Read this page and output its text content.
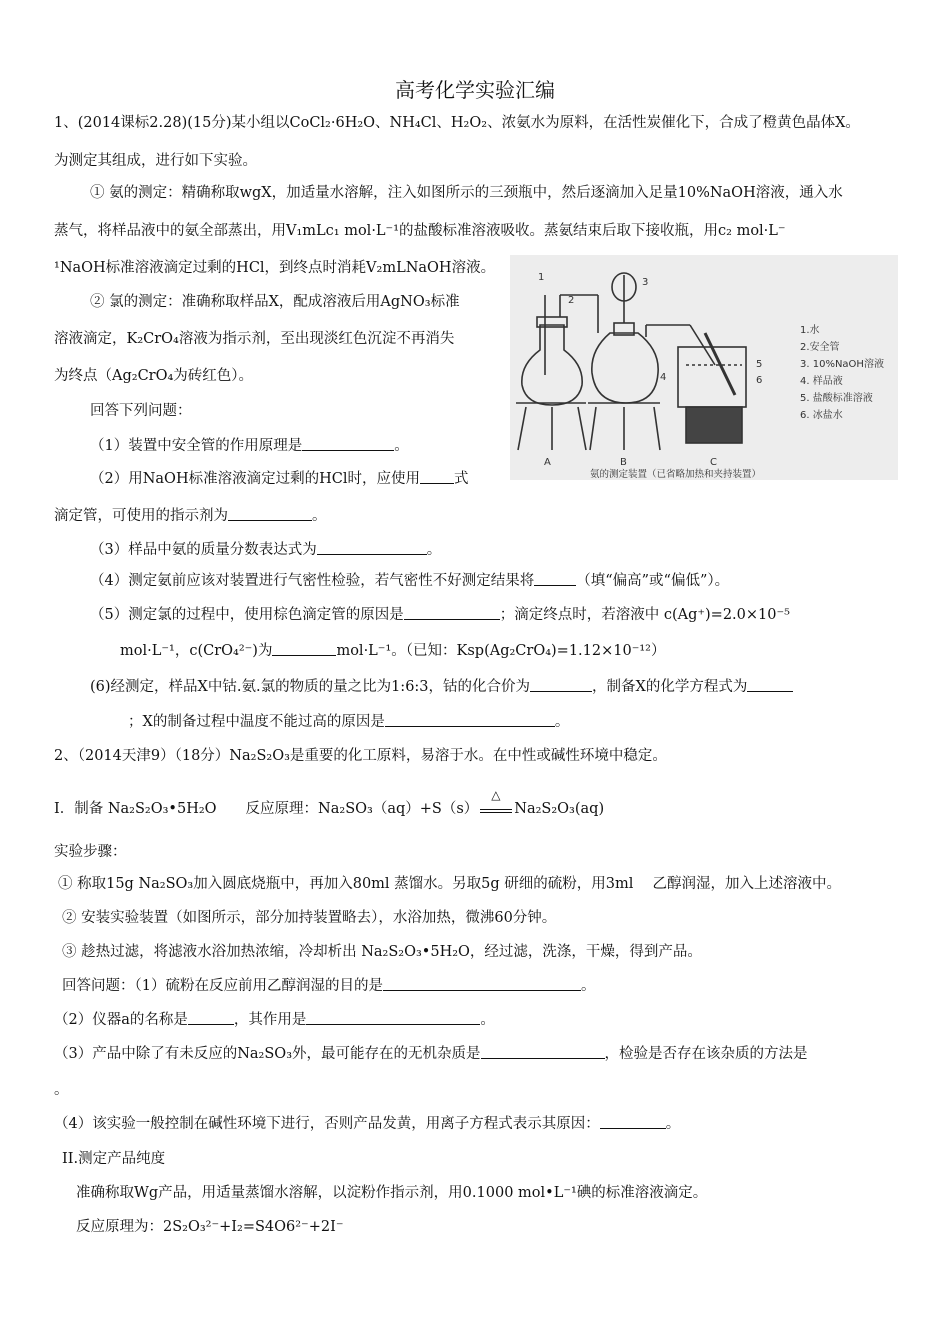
高考化学实验汇编
1、(2014课标2.28)(15分)某小组以CoCl₂·6H₂O、NH₄Cl、H₂O₂、浓氨水为原料，在活性炭催化下，合成了橙黄色晶体X。
为测定其组成，进行如下实验。
① 氨的测定：精确称取wgX，加适量水溶解，注入如图所示的三颈瓶中，然后逐滴加入足量10%NaOH溶液，通入水
蒸气，将样品液中的氨全部蒸出，用V₁mLc₁ mol·L⁻¹的盐酸标准溶液吸收。蒸氨结束后取下接收瓶，用c₂ mol·L⁻
¹NaOH标准溶液滴定过剩的HCl，到终点时消耗V₂mLNaOH溶液。
② 氯的测定：准确称取样品X，配成溶液后用AgNO₃标准
溶液滴定，K₂CrO₄溶液为指示剂，至出现淡红色沉淀不再消失
为终点（Ag₂CrO₄为砖红色）。
回答下列问题：
（1）装置中安全管的作用原理是	。
（2）用NaOH标准溶液滴定过剩的HCl时，应使用 式
滴定管，可使用的指示剂为	。
（3）样品中氨的质量分数表达式为	。
（4）测定氨前应该对装置进行气密性检验，若气密性不好测定结果将	（填“偏高”或“偏低”）。
（5）测定氯的过程中，使用棕色滴定管的原因是	；滴定终点时，若溶液中 c(Ag⁺)=2.0×10⁻⁵
mol·L⁻¹，c(CrO₄²⁻)为	mol·L⁻¹。（已知：Ksp(Ag₂CrO₄)=1.12×10⁻¹²）
(6)经测定，样品X中钴.氨.氯的物质的量之比为1:6:3，钴的化合价为	，制备X的化学方程式为
；X的制备过程中温度不能过高的原因是	。
1
2
3
4
5
6
A	B	C
1.水
2.安全管
3. 10%NaOH溶液
4. 样品液
5. 盐酸标准溶液
6. 冰盐水
氨的测定装置（已省略加热和夹持装置）
2、（2014天津9）（18分）Na₂S₂O₃是重要的化工原料，易溶于水。在中性或碱性环境中稳定。
I．制备 Na₂S₂O₃•5H₂O　　反应原理：Na₂SO₃（aq）+S（s）
△
Na₂S₂O₃(aq)
实验步骤：
① 称取15g Na₂SO₃加入圆底烧瓶中，再加入80ml 蒸馏水。另取5g 研细的硫粉，用3ml　 乙醇润湿，加入上述溶液中。
② 安装实验装置（如图所示，部分加持装置略去），水浴加热，微沸60分钟。
③ 趁热过滤，将滤液水浴加热浓缩，冷却析出 Na₂S₂O₃•5H₂O，经过滤，洗涤，干燥，得到产品。
回答问题：（1）硫粉在反应前用乙醇润湿的目的是	。
（2）仪器a的名称是	，其作用是	。
（3）产品中除了有未反应的Na₂SO₃外，最可能存在的无机杂质是	，检验是否存在该杂质的方法是
。
（4）该实验一般控制在碱性环境下进行，否则产品发黄，用离子方程式表示其原因：	。
II.测定产品纯度
准确称取Wg产品，用适量蒸馏水溶解，以淀粉作指示剂，用0.1000 mol•L⁻¹碘的标准溶液滴定。
反应原理为：2S₂O₃²⁻+I₂=S4O6²⁻+2I⁻
